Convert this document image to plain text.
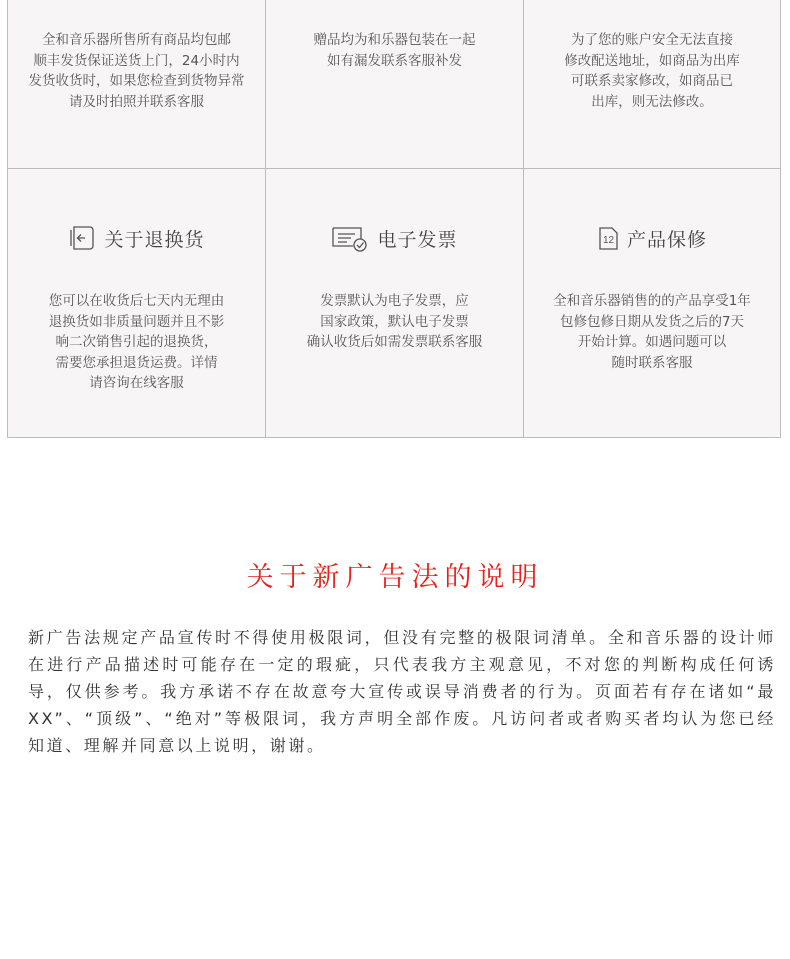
全和音乐器所售所有商品均包邮
顺丰发货保证送货上门，24小时内
发货收货时，如果您检查到货物异常
请及时拍照并联系客服
赠品均为和乐器包装在一起
如有漏发联系客服补发
为了您的账户安全无法直接
修改配送地址，如商品为出库
可联系卖家修改，如商品已
出库，则无法修改。
关于退换货
您可以在收货后七天内无理由
退换货如非质量问题并且不影
响二次销售引起的退换货，
需要您承担退货运费。详情
请咨询在线客服
电子发票
发票默认为电子发票，应
国家政策，默认电子发票
确认收货后如需发票联系客服
12 产品保修
全和音乐器销售的的产品享受1年
包修包修日期从发货之后的7天
开始计算。如遇问题可以
随时联系客服
关于新广告法的说明
新广告法规定产品宣传时不得使用极限词，但没有完整的极限词清单。全和音乐器的设计师在进行产品描述时可能存在一定的瑕疵，只代表我方主观意见，不对您的判断构成任何诱导，仅供参考。我方承诺不存在故意夸大宣传或误导消费者的行为。页面若有存在诸如“最XX”、“顶级”、“绝对”等极限词，我方声明全部作废。凡访问者或者购买者均认为您已经知道、理解并同意以上说明，谢谢。
